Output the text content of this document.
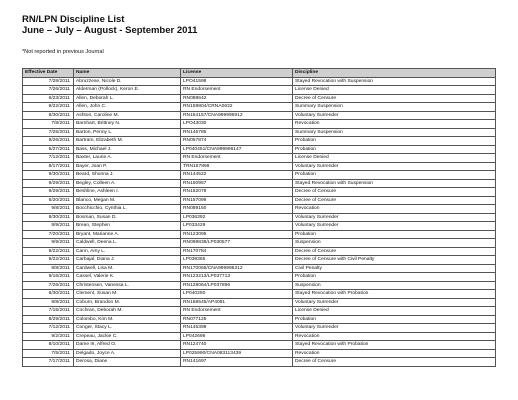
RN/LPN Discipline List
June – July – August - September 2011
*Not reported in previous Journal
Effective Date	Name	License	Discipline
7/28/2011	Abruzzese, Nicole D.	LPO41598	Stayed Revocation with Suspension
7/26/2011	Alderman (Pollock), Keron E.	RN Endorsement	License Denied
6/23/2011	Allen, Deborah L.	RN088642	Decree of Censure
9/22/2011	Allen, John C.	RN159804/CRNA0632	Summary Suspension
8/30/2011	Ashton, Caroline M.	RN154157/CNA999996912	Voluntary Surrender
7/8/2011	Barnhart, Brittney N.	LPO43030	Revocation
7/25/2011	Barton, Penny L.	RN145785	Summary Suspension
8/26/2011	Bartram, Elizabeth M.	RN057874	Probation
6/27/2011	Bass, Michael J.	LP040451/CNA999996147	Probation
7/12/2011	Baxter, Laurie A.	RN Endorsement	License Denied
8/17/2011	Bayer, Joan P.	TRN167898	Voluntary Surrender
9/30/2011	Beard, Shonna J.	RN144522	Probation
9/29/2011	Begley, Colleen A.	RN150957	Stayed Revocation with Suspension
9/29/2011	Beshline, Ashleen I.	RN162078	Decree of Censure
6/20/2011	Blanco, Megan M.	RN157099	Decree of Censure
9/8/2011	Bocchicchio, Cynthia L.	RN089150	Revocation
8/30/2011	Bosman, Susan D.	LP036392	Voluntary Surrender
8/9/2011	Brean, Stephen	LP033429	Voluntary Surrender
7/20/2011	Bryant, Marianne A.	RN123095	Probation
9/9/2011	Caldwell, Deena L.	RN099838/LP030577	Suspension
9/22/2011	Cann, Amy L.	RN170784	Decree of Censure
9/22/2011	Carbajal, Diana J.	LP039365	Decree of Censure with Civil Penalty
8/8/2011	Cardwell, Lisa M.	RN170065/CNA999995312	Civil Penalty
9/16/2011	Cassel, Valerie K.	RN123213/LP037713	Probation
7/26/2011	Christensen, Vanessa L.	RN128064/LP037896	Suspension
6/30/2011	Clement, Susan M.	LP040250	Stayed Revocation with Probation
9/8/2011	Coburn, Brandon M.	RN168545/AP4081	Voluntary Surrender
7/15/2011	Cochran, Deborah M.	RN Endorsement	License Denied
8/29/2011	Colombo, Kim M.	RN077125	Probation
7/12/2011	Conger, Stacy L.	RN145398	Voluntary Surrender
9/2/2011	Crepeau, Jackie C.	LP042696	Revocation
8/10/2011	Dame III, Alfred O.	RN124740	Stayed Revocation with Probation
7/5/2011	Delgado, Joyce A.	LP025990/CNA083113439	Revocation
7/17/2011	Derosa, Diane	RN141697	Decree of Censure
